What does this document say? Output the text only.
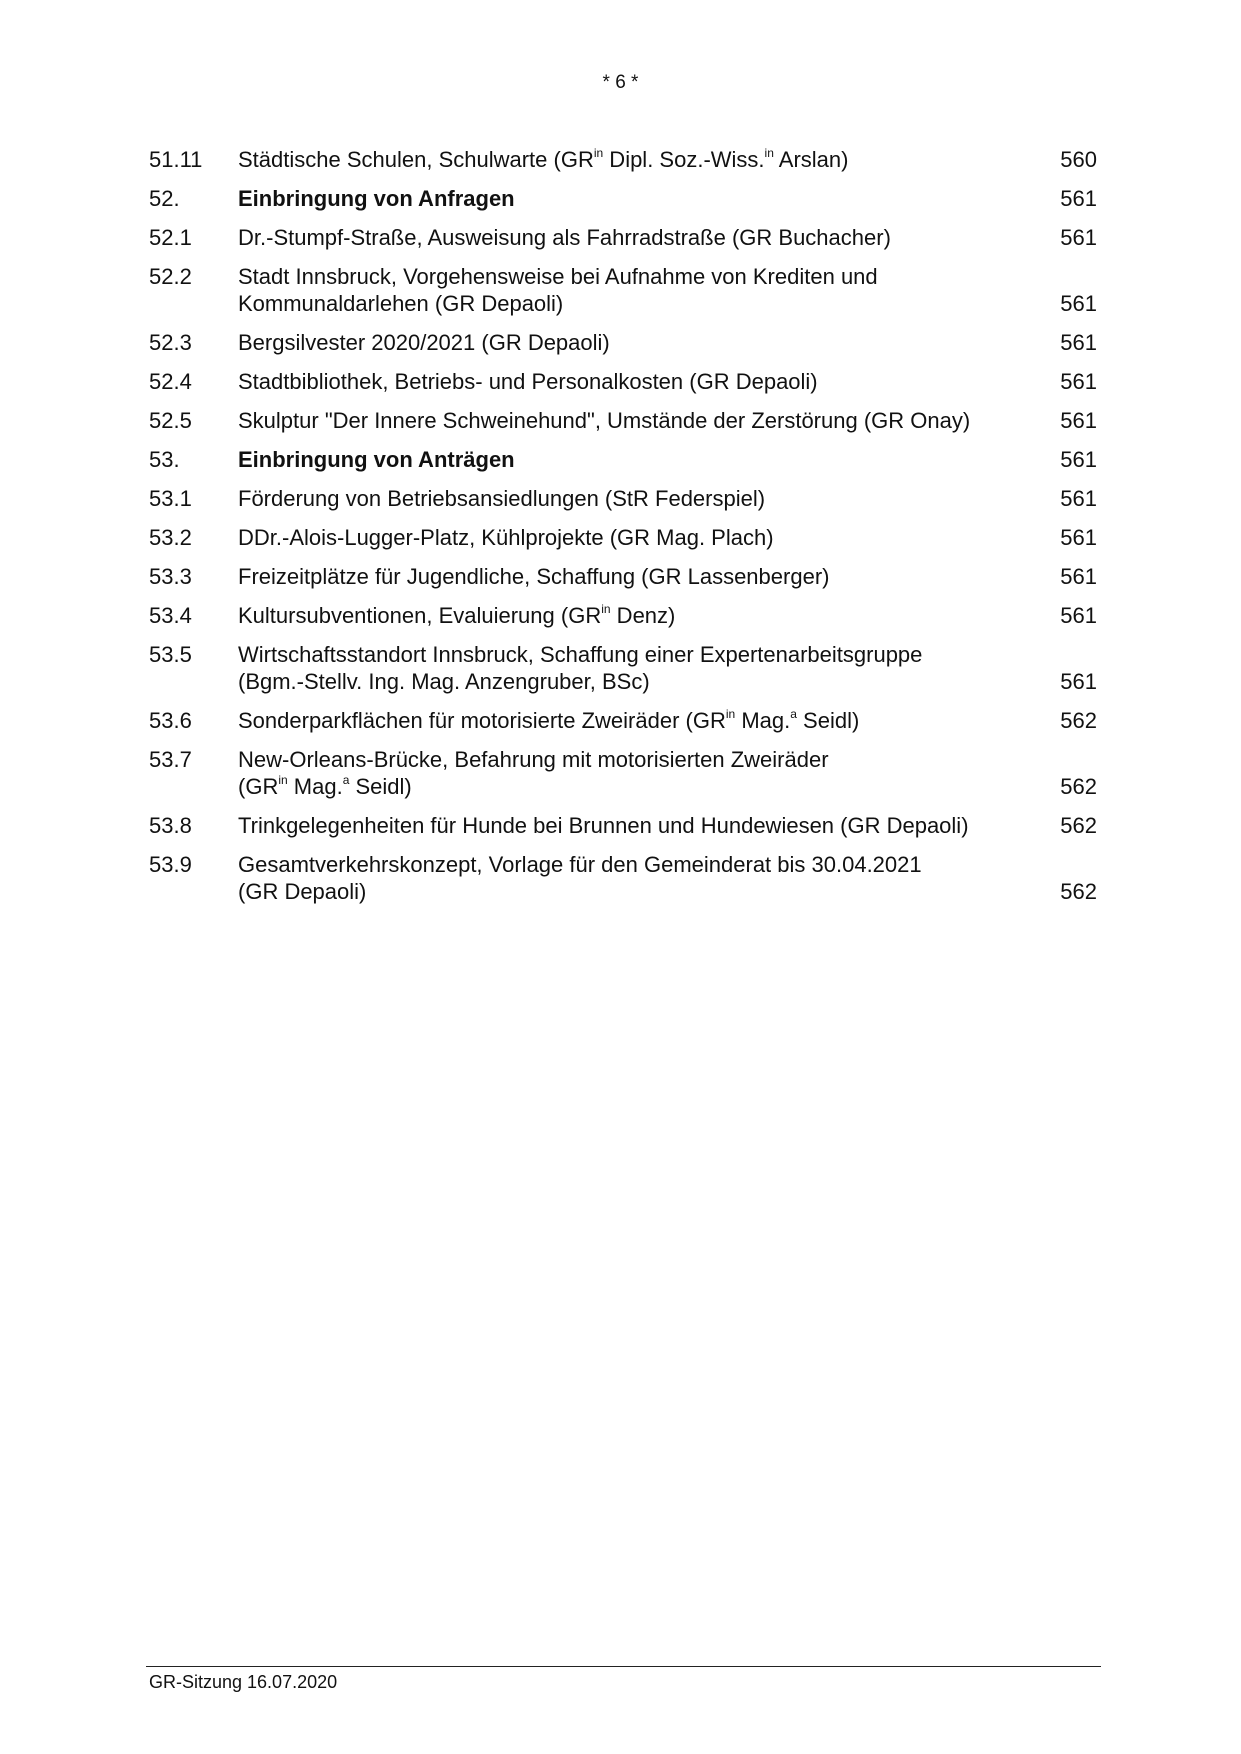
* 6 *
51.11	Städtische Schulen, Schulwarte ($GR^{in}$ Dipl. Soz.-Wiss.$^{in}$ Arslan)	560
52.	Einbringung von Anfragen	561
52.1	Dr.-Stumpf-Straße, Ausweisung als Fahrradstraße (GR Buchacher)	561
52.2	Stadt Innsbruck, Vorgehensweise bei Aufnahme von Krediten und
Kommunaldarlehen (GR Depaoli)	561
52.3	Bergsilvester 2020/2021 (GR Depaoli)	561
52.4	Stadtbibliothek, Betriebs- und Personalkosten (GR Depaoli)	561
52.5	Skulptur "Der Innere Schweinehund", Umstände der Zerstörung (GR Onay)	561
53.	Einbringung von Anträgen	561
53.1	Förderung von Betriebsansiedlungen (StR Federspiel)	561
53.2	DDr.-Alois-Lugger-Platz, Kühlprojekte (GR Mag. Plach)	561
53.3	Freizeitplätze für Jugendliche, Schaffung (GR Lassenberger)	561
53.4	Kultursubventionen, Evaluierung ($GR^{in}$ Denz)	561
53.5	Wirtschaftsstandort Innsbruck, Schaffung einer Expertenarbeitsgruppe
(Bgm.-Stellv. Ing. Mag. Anzengruber, BSc)	561
53.6	Sonderparkflächen für motorisierte Zweiräder ($GR^{in}$ Mag.$^a$ Seidl)	562
53.7	New-Orleans-Brücke, Befahrung mit motorisierten Zweiräder
($GR^{in}$ Mag.$^a$ Seidl)	562
53.8	Trinkgelegenheiten für Hunde bei Brunnen und Hundewiesen (GR Depaoli)	562
53.9	Gesamtverkehrskonzept, Vorlage für den Gemeinderat bis 30.04.2021
(GR Depaoli)	562
GR-Sitzung 16.07.2020
